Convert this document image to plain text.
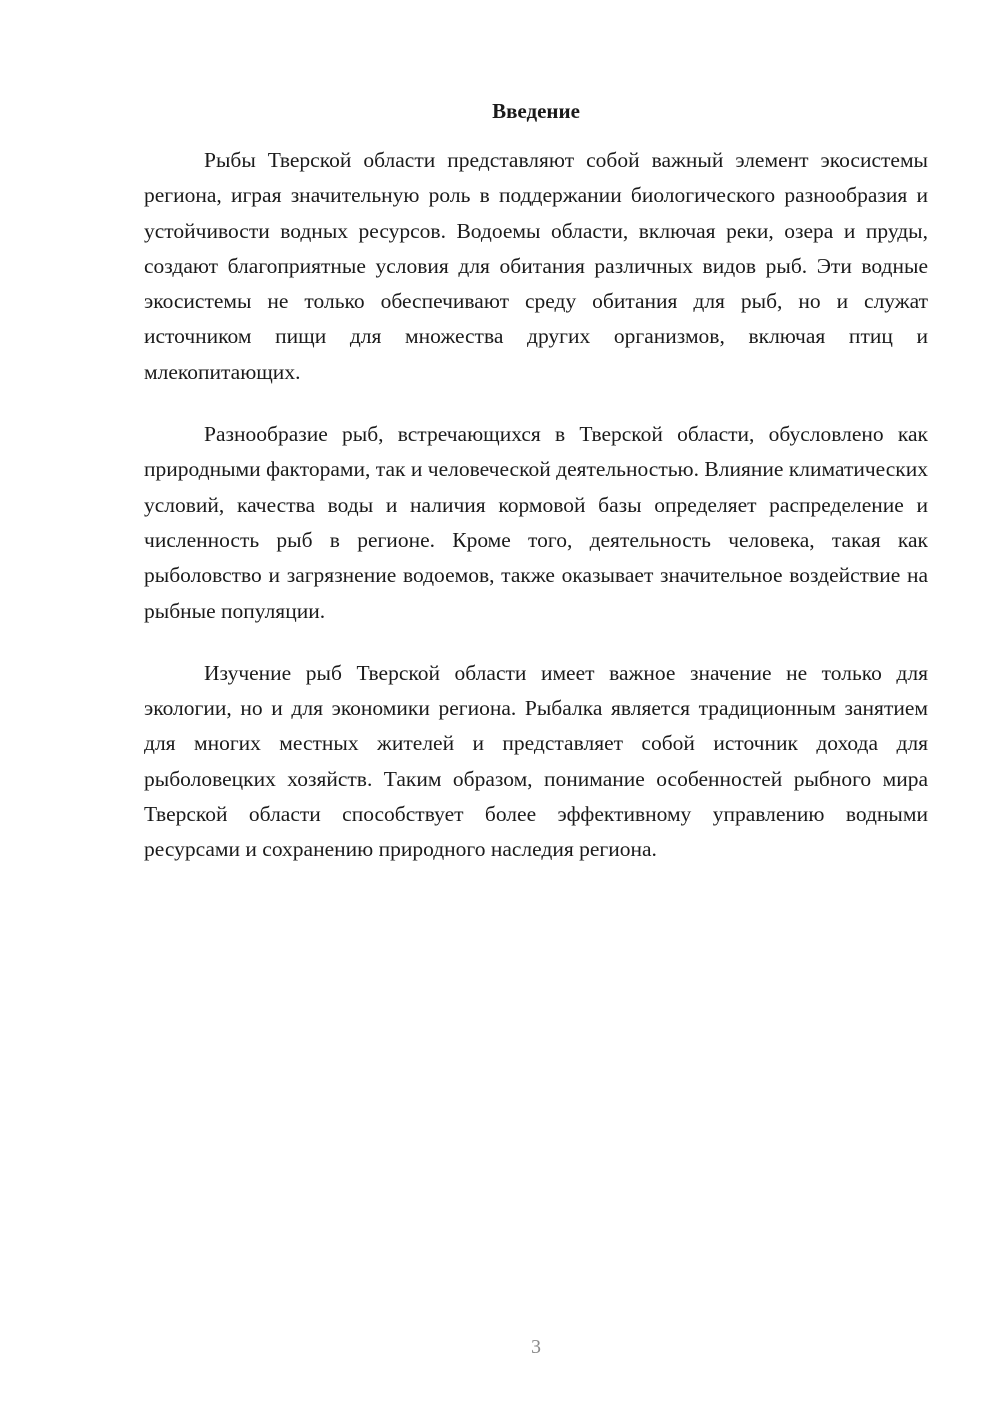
Введение

Рыбы Тверской области представляют собой важный элемент экосистемы региона, играя значительную роль в поддержании биологического разнообразия и устойчивости водных ресурсов. Водоемы области, включая реки, озера и пруды, создают благоприятные условия для обитания различных видов рыб. Эти водные экосистемы не только обеспечивают среду обитания для рыб, но и служат источником пищи для множества других организмов, включая птиц и млекопитающих.

Разнообразие рыб, встречающихся в Тверской области, обусловлено как природными факторами, так и человеческой деятельностью. Влияние климатических условий, качества воды и наличия кормовой базы определяет распределение и численность рыб в регионе. Кроме того, деятельность человека, такая как рыболовство и загрязнение водоемов, также оказывает значительное воздействие на рыбные популяции.

Изучение рыб Тверской области имеет важное значение не только для экологии, но и для экономики региона. Рыбалка является традиционным занятием для многих местных жителей и представляет собой источник дохода для рыболовецких хозяйств. Таким образом, понимание особенностей рыбного мира Тверской области способствует более эффективному управлению водными ресурсами и сохранению природного наследия региона.

3
